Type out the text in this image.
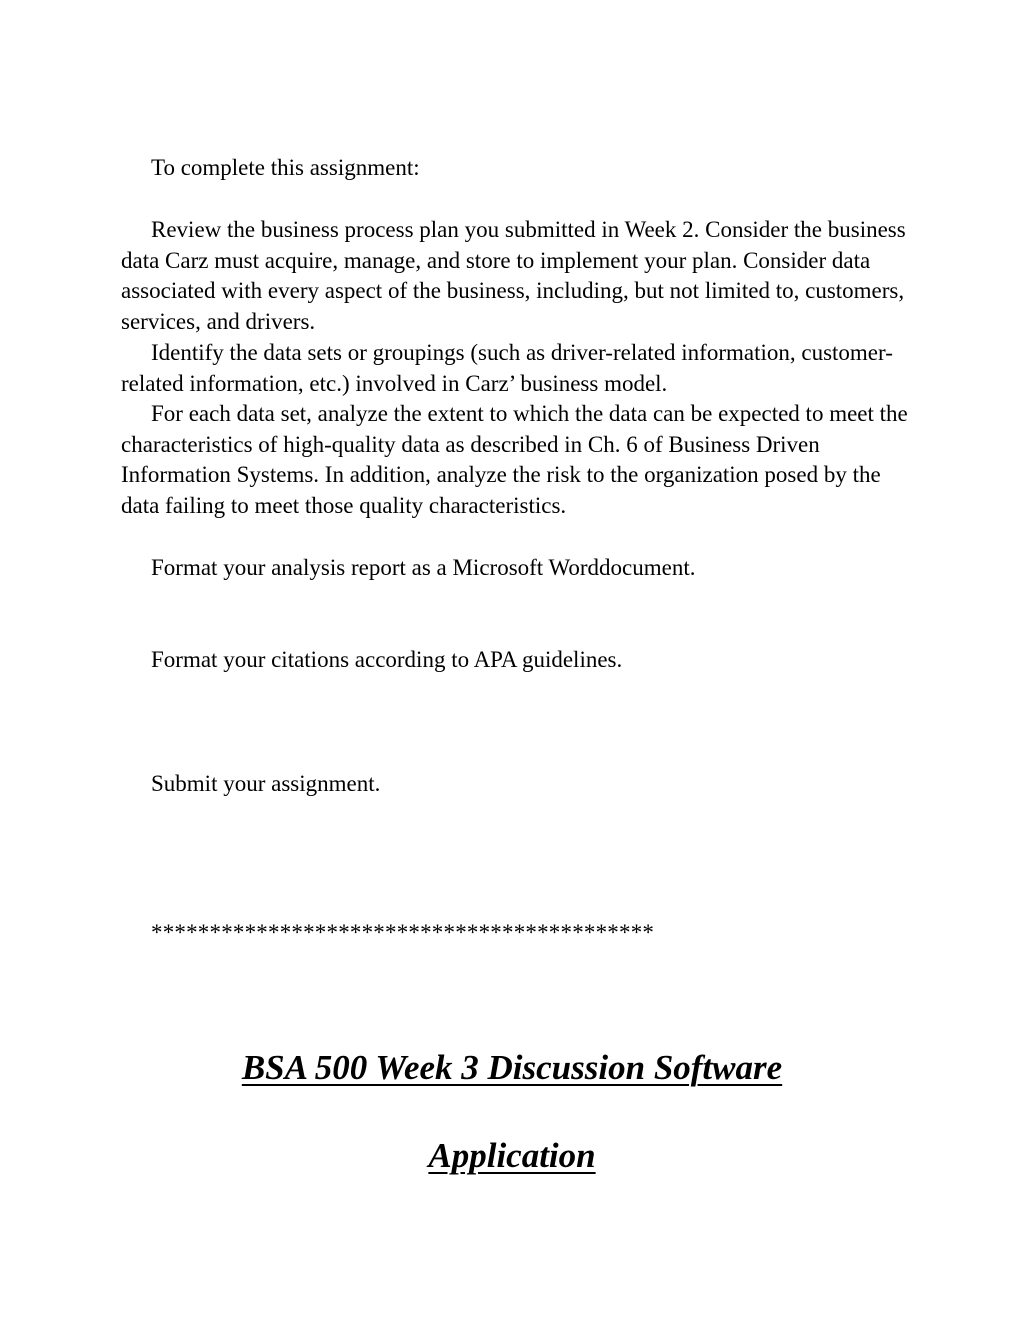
To complete this assignment:

Review the business process plan you submitted in Week 2. Consider the business data Carz must acquire, manage, and store to implement your plan. Consider data associated with every aspect of the business, including, but not limited to, customers, services, and drivers.

Identify the data sets or groupings (such as driver-related information, customer-related information, etc.) involved in Carz’ business model.

For each data set, analyze the extent to which the data can be expected to meet the characteristics of high-quality data as described in Ch. 6 of Business Driven Information Systems. In addition, analyze the risk to the organization posed by the data failing to meet those quality characteristics.

Format your analysis report as a Microsoft Worddocument.

Format your citations according to APA guidelines.

Submit your assignment.

*******************************************

BSA 500 Week 3 Discussion Software
Application
